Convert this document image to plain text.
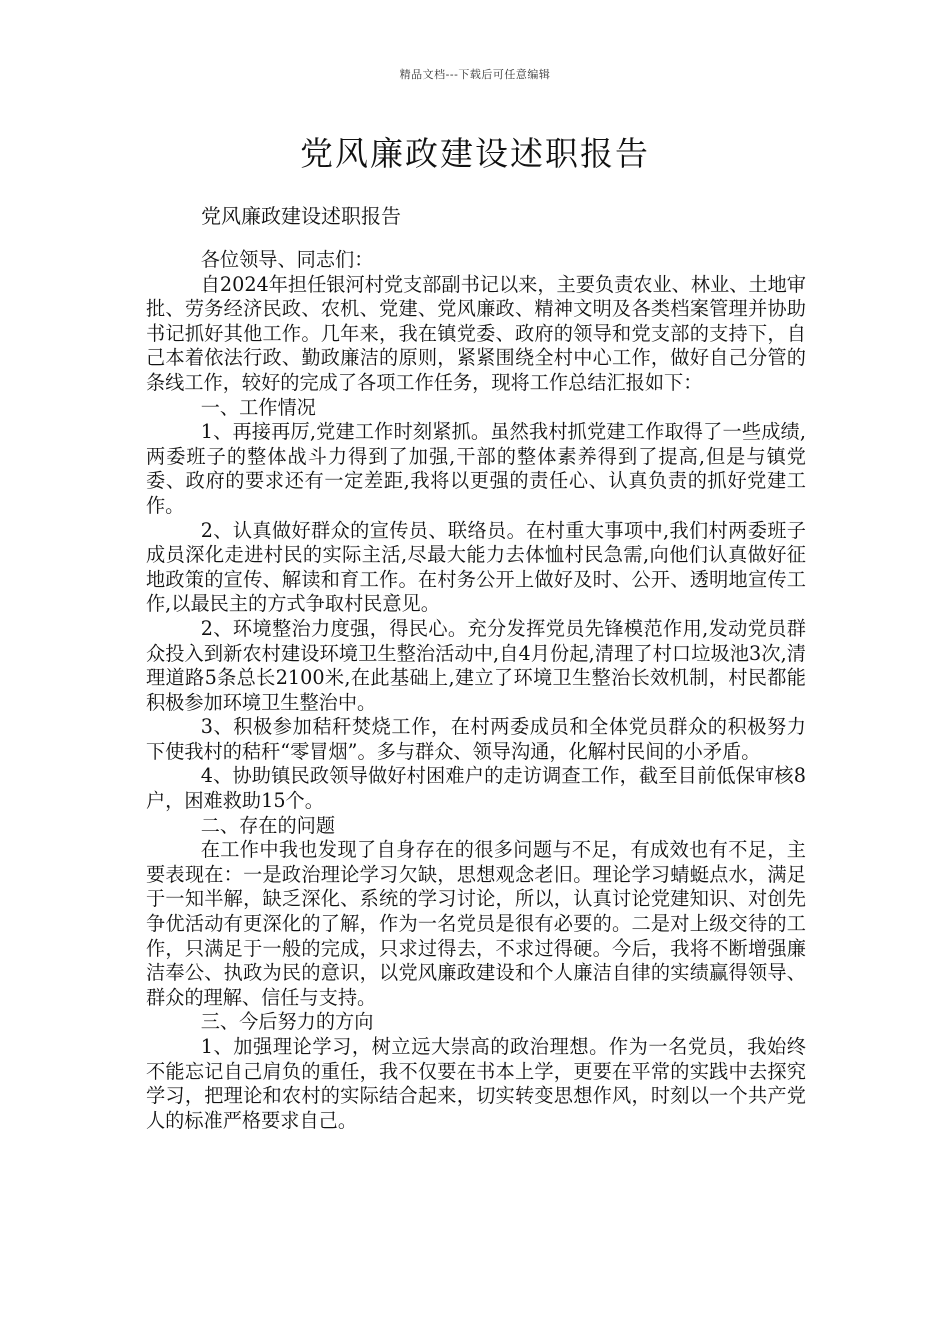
精品文档---下载后可任意编辑
党风廉政建设述职报告
党风廉政建设述职报告

各位领导、同志们：

自2024年担任银河村党支部副书记以来，主要负责农业、林业、土地审批、劳务经济民政、农机、党建、党风廉政、精神文明及各类档案管理并协助书记抓好其他工作。几年来，我在镇党委、政府的领导和党支部的支持下，自己本着依法行政、勤政廉洁的原则，紧紧围绕全村中心工作，做好自己分管的条线工作，较好的完成了各项工作任务，现将工作总结汇报如下：

一、工作情况

1、再接再厉,党建工作时刻紧抓。虽然我村抓党建工作取得了一些成绩,两委班子的整体战斗力得到了加强,干部的整体素养得到了提高,但是与镇党委、政府的要求还有一定差距,我将以更强的责任心、认真负责的抓好党建工作。

2、认真做好群众的宣传员、联络员。在村重大事项中,我们村两委班子成员深化走进村民的实际主活,尽最大能力去体恤村民急需,向他们认真做好征地政策的宣传、解读和育工作。在村务公开上做好及时、公开、透明地宣传工作,以最民主的方式争取村民意见。

2、环境整治力度强，得民心。充分发挥党员先锋模范作用,发动党员群众投入到新农村建设环境卫生整治活动中,自4月份起,清理了村口垃圾池3次,清理道路5条总长2100米,在此基础上,建立了环境卫生整治长效机制，村民都能积极参加环境卫生整治中。

3、积极参加秸秆焚烧工作，在村两委成员和全体党员群众的积极努力下使我村的秸秆“零冒烟”。多与群众、领导沟通，化解村民间的小矛盾。

4、协助镇民政领导做好村困难户的走访调查工作，截至目前低保审核8户，困难救助15个。

二、存在的问题

在工作中我也发现了自身存在的很多问题与不足，有成效也有不足，主要表现在：一是政治理论学习欠缺，思想观念老旧。理论学习蜻蜓点水，满足于一知半解，缺乏深化、系统的学习讨论，所以，认真讨论党建知识、对创先争优活动有更深化的了解，作为一名党员是很有必要的。二是对上级交待的工作，只满足于一般的完成，只求过得去，不求过得硬。今后，我将不断增强廉洁奉公、执政为民的意识，以党风廉政建设和个人廉洁自律的实绩赢得领导、群众的理解、信任与支持。

三、今后努力的方向

1、加强理论学习，树立远大崇高的政治理想。作为一名党员，我始终不能忘记自己肩负的重任，我不仅要在书本上学，更要在平常的实践中去探究学习，把理论和农村的实际结合起来，切实转变思想作风，时刻以一个共产党人的标准严格要求自己。
